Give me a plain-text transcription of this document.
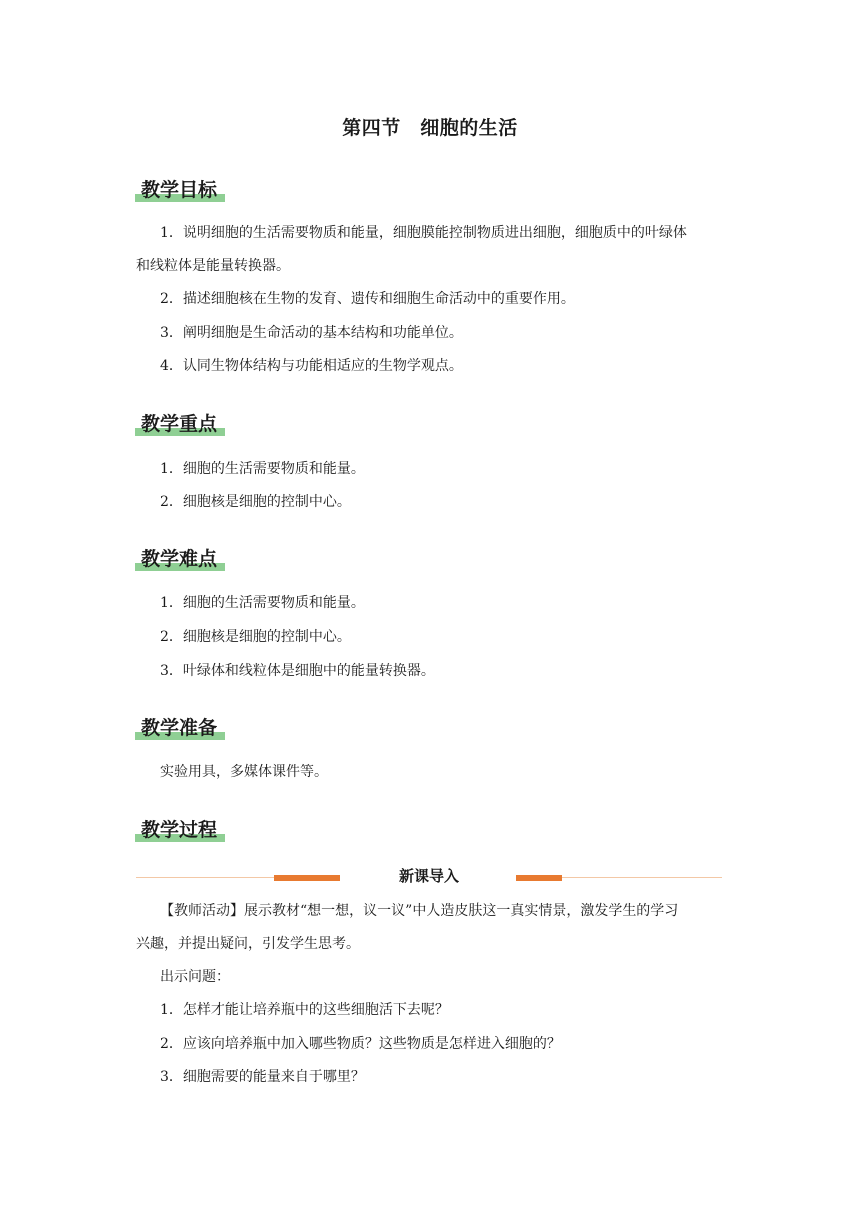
第四节　细胞的生活
教学目标
1．说明细胞的生活需要物质和能量，细胞膜能控制物质进出细胞，细胞质中的叶绿体
和线粒体是能量转换器。
2．描述细胞核在生物的发育、遗传和细胞生命活动中的重要作用。
3．阐明细胞是生命活动的基本结构和功能单位。
4．认同生物体结构与功能相适应的生物学观点。
教学重点
1．细胞的生活需要物质和能量。
2．细胞核是细胞的控制中心。
教学难点
1．细胞的生活需要物质和能量。
2．细胞核是细胞的控制中心。
3．叶绿体和线粒体是细胞中的能量转换器。
教学准备
实验用具，多媒体课件等。
教学过程
新课导入
【教师活动】展示教材“想一想，议一议”中人造皮肤这一真实情景，激发学生的学习
兴趣，并提出疑问，引发学生思考。
出示问题：
1．怎样才能让培养瓶中的这些细胞活下去呢？
2．应该向培养瓶中加入哪些物质？这些物质是怎样进入细胞的？
3．细胞需要的能量来自于哪里？
